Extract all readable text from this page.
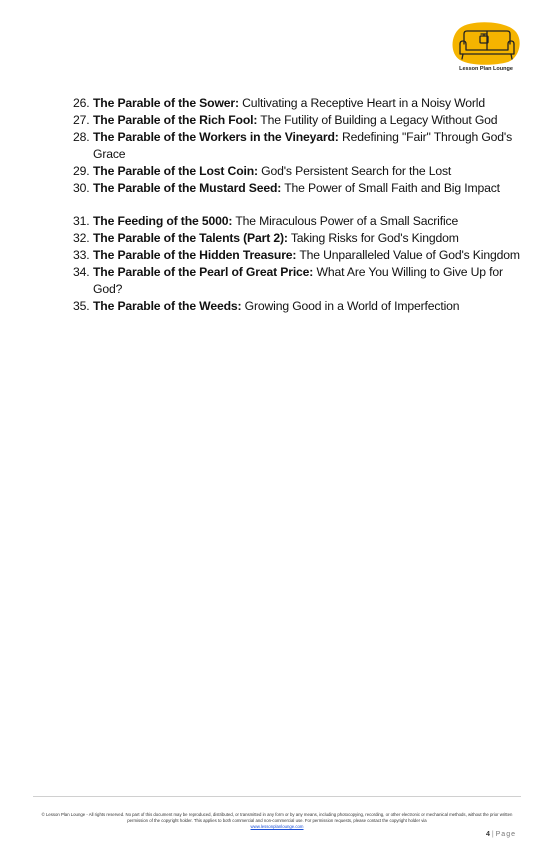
Lesson Plan Lounge
26. The Parable of the Sower: Cultivating a Receptive Heart in a Noisy World
27. The Parable of the Rich Fool: The Futility of Building a Legacy Without God
28. The Parable of the Workers in the Vineyard: Redefining "Fair" Through God's Grace
29. The Parable of the Lost Coin: God's Persistent Search for the Lost
30. The Parable of the Mustard Seed: The Power of Small Faith and Big Impact
31. The Feeding of the 5000: The Miraculous Power of a Small Sacrifice
32. The Parable of the Talents (Part 2): Taking Risks for God's Kingdom
33. The Parable of the Hidden Treasure: The Unparalleled Value of God's Kingdom
34. The Parable of the Pearl of Great Price: What Are You Willing to Give Up for God?
35. The Parable of the Weeds: Growing Good in a World of Imperfection
© Lesson Plan Lounge - All rights reserved. No part of this document may be reproduced, distributed, or transmitted in any form or by any means, including photocopying, recording, or other electronic or mechanical methods, without the prior written permission of the copyright holder. This applies to both commercial and non-commercial use. For permission requests, please contact the copyright holder via
www.lessonplanlounge.com
4 | Page
